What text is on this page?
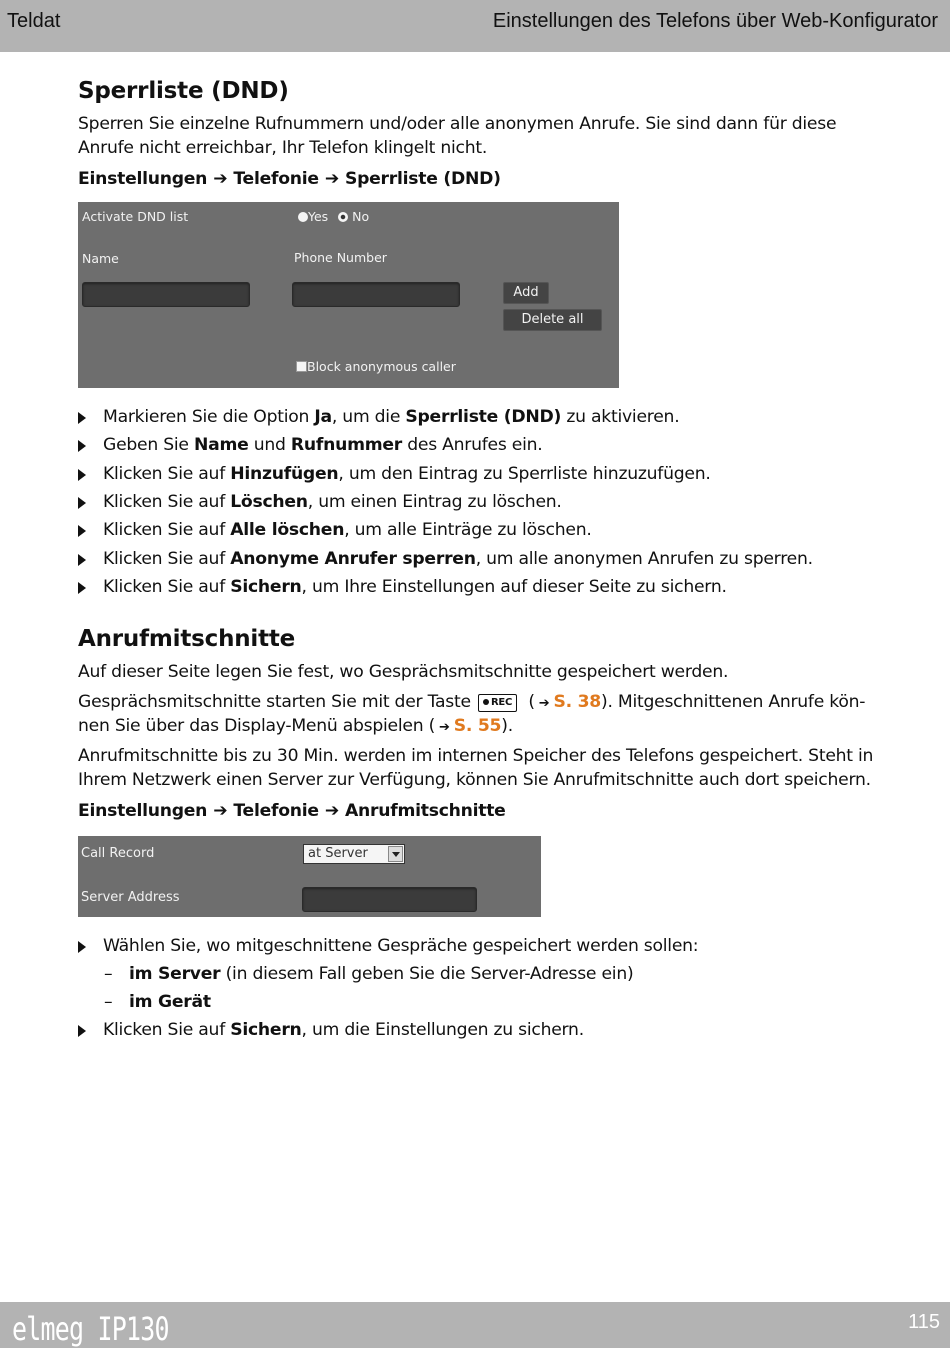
Teldat	Einstellungen des Telefons über Web-Konfigurator
Sperrliste (DND)

Sperren Sie einzelne Rufnummern und/oder alle anonymen Anrufe. Sie sind dann für diese

Anrufe nicht erreichbar, Ihr Telefon klingelt nicht.

Einstellungen ➔ Telefonie ➔ Sperrliste (DND)

Activate DND list	Yes No
Name	Phone Number
Add
Delete all
Block anonymous caller
Markieren Sie die Option Ja, um die Sperrliste (DND) zu aktivieren.
Geben Sie Name und Rufnummer des Anrufes ein.
Klicken Sie auf Hinzufügen, um den Eintrag zu Sperrliste hinzuzufügen.
Klicken Sie auf Löschen, um einen Eintrag zu löschen.
Klicken Sie auf Alle löschen, um alle Einträge zu löschen.
Klicken Sie auf Anonyme Anrufer sperren, um alle anonymen Anrufen zu sperren.
Klicken Sie auf Sichern, um Ihre Einstellungen auf dieser Seite zu sichern.
Anrufmitschnitte

Auf dieser Seite legen Sie fest, wo Gesprächsmitschnitte gespeichert werden.

Gesprächsmitschnitte starten Sie mit der Taste REC ( ➔ S. 38). Mitgeschnittenen Anrufe kön-

nen Sie über das Display-Menü abspielen ( ➔ S. 55).

Anrufmitschnitte bis zu 30 Min. werden im internen Speicher des Telefons gespeichert. Steht in

Ihrem Netzwerk einen Server zur Verfügung, können Sie Anrufmitschnitte auch dort speichern.

Einstellungen ➔ Telefonie ➔ Anrufmitschnitte

Call Record	at Server
Server Address
Wählen Sie, wo mitgeschnittene Gespräche gespeichert werden sollen:
– im Server (in diesem Fall geben Sie die Server-Adresse ein)
– im Gerät
Klicken Sie auf Sichern, um die Einstellungen zu sichern.
elmeg IP130	115
